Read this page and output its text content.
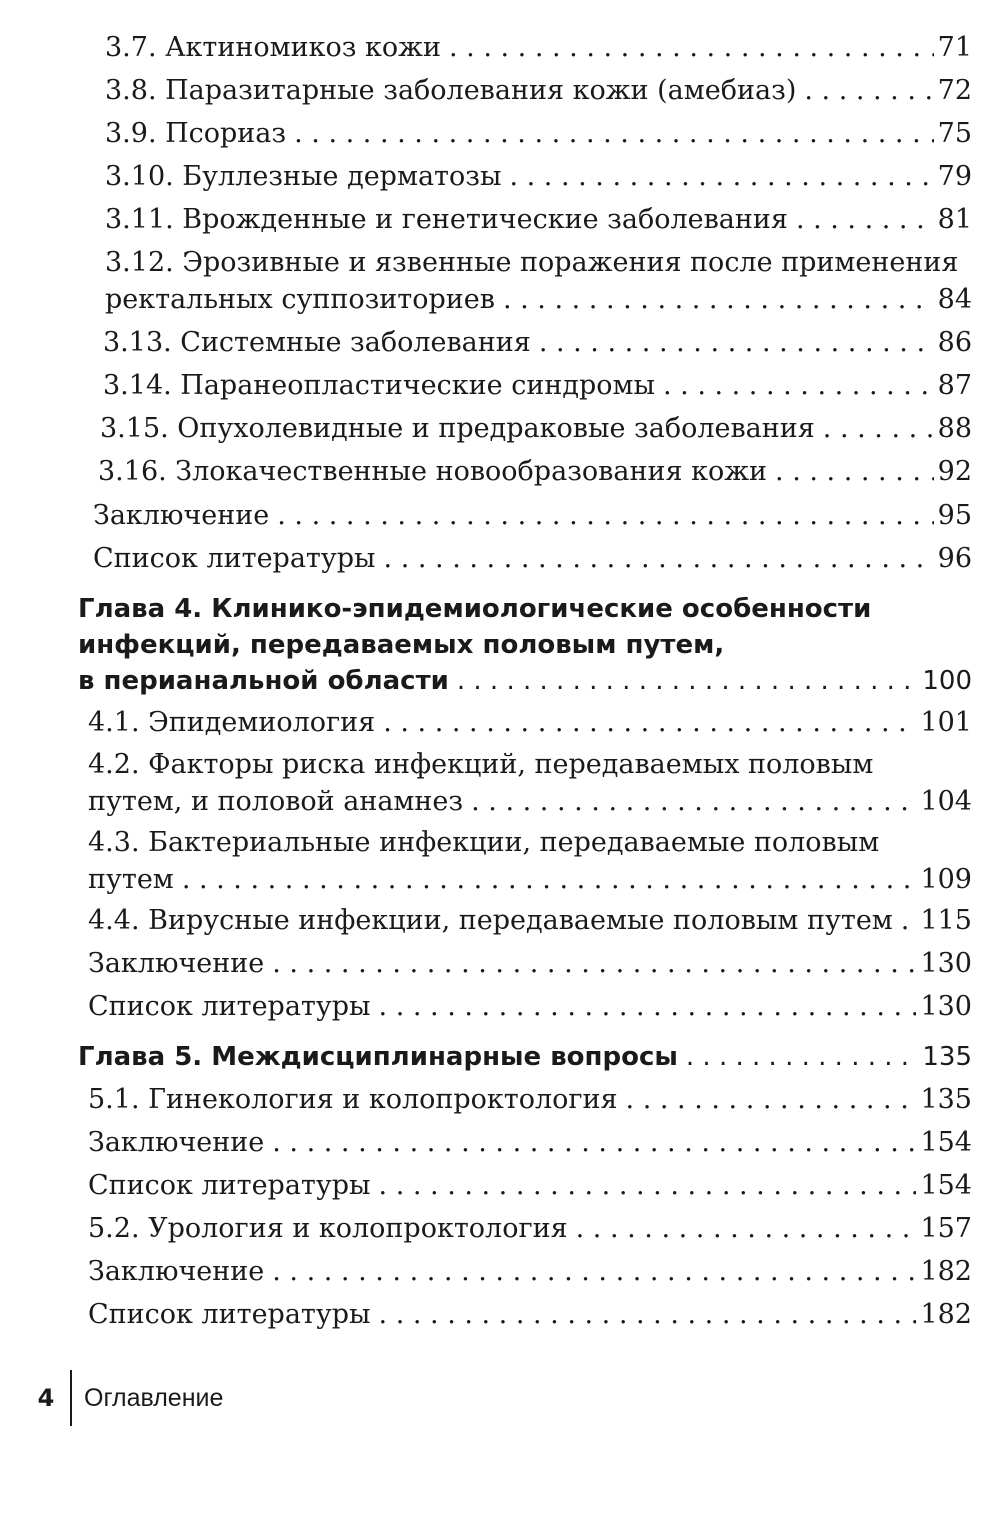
3.7. Актиномикоз кожи . . .	71
3.8. Паразитарные заболевания кожи (амебиаз) . . .	72
3.9. Псориаз . . .	75
3.10. Буллезные дерматозы . . .	79
3.11. Врожденные и генетические заболевания . . .	81
3.12. Эрозивные и язвенные поражения после применения
ректальных суппозиториев . . .	84
3.13. Системные заболевания . . .	86
3.14. Паранеопластические синдромы . . .	87
3.15. Опухолевидные и предраковые заболевания . . .	88
3.16. Злокачественные новообразования кожи . . .	92
Заключение . . .	95
Список литературы . . .	96
Глава 4. Клинико-эпидемиологические особенности
инфекций, передаваемых половым путем,
в перианальной области . . .	100
4.1. Эпидемиология . . .	101
4.2. Факторы риска инфекций, передаваемых половым
путем, и половой анамнез . . .	104
4.3. Бактериальные инфекции, передаваемые половым
путем . . .	109
4.4. Вирусные инфекции, передаваемые половым путем . . . 115
Заключение . . .	130
Список литературы . . .	130
Глава 5. Междисциплинарные вопросы . . .	135
5.1. Гинекология и колопроктология . . .	135
Заключение . . .	154
Список литературы . . .	154
5.2. Урология и колопроктология . . .	157
Заключение . . .	182
Список литературы . . .	182
4	Оглавление
